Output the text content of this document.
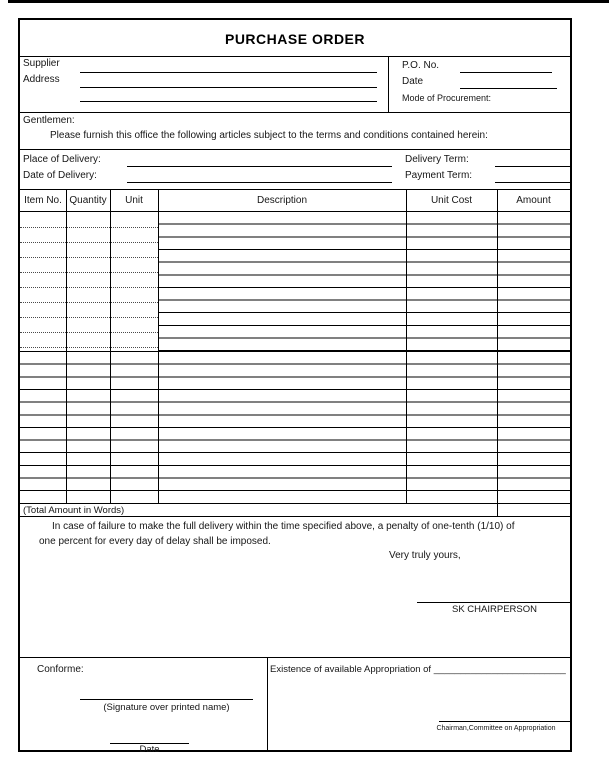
PURCHASE ORDER
Supplier
Address
P.O. No.
Date
Mode of Procurement:
Gentlemen:
Please furnish this office the following articles subject to the terms and conditions contained herein:
Place of Delivery:	Delivery Term:
Date of Delivery:	Payment Term:
Item No. Quantity	Unit	Description	Unit Cost	Amount
(Total Amount in Words)
In case of failure to make the full delivery within the time specified above, a penalty of one-tenth (1/10) of
one percent for every day of delay shall be imposed.
Very truly yours,
SK CHAIRPERSON
Conforme:
(Signature over printed name)
Date
Existence of available Appropriation of _________________________
Chairman,Committee on Appropriation
